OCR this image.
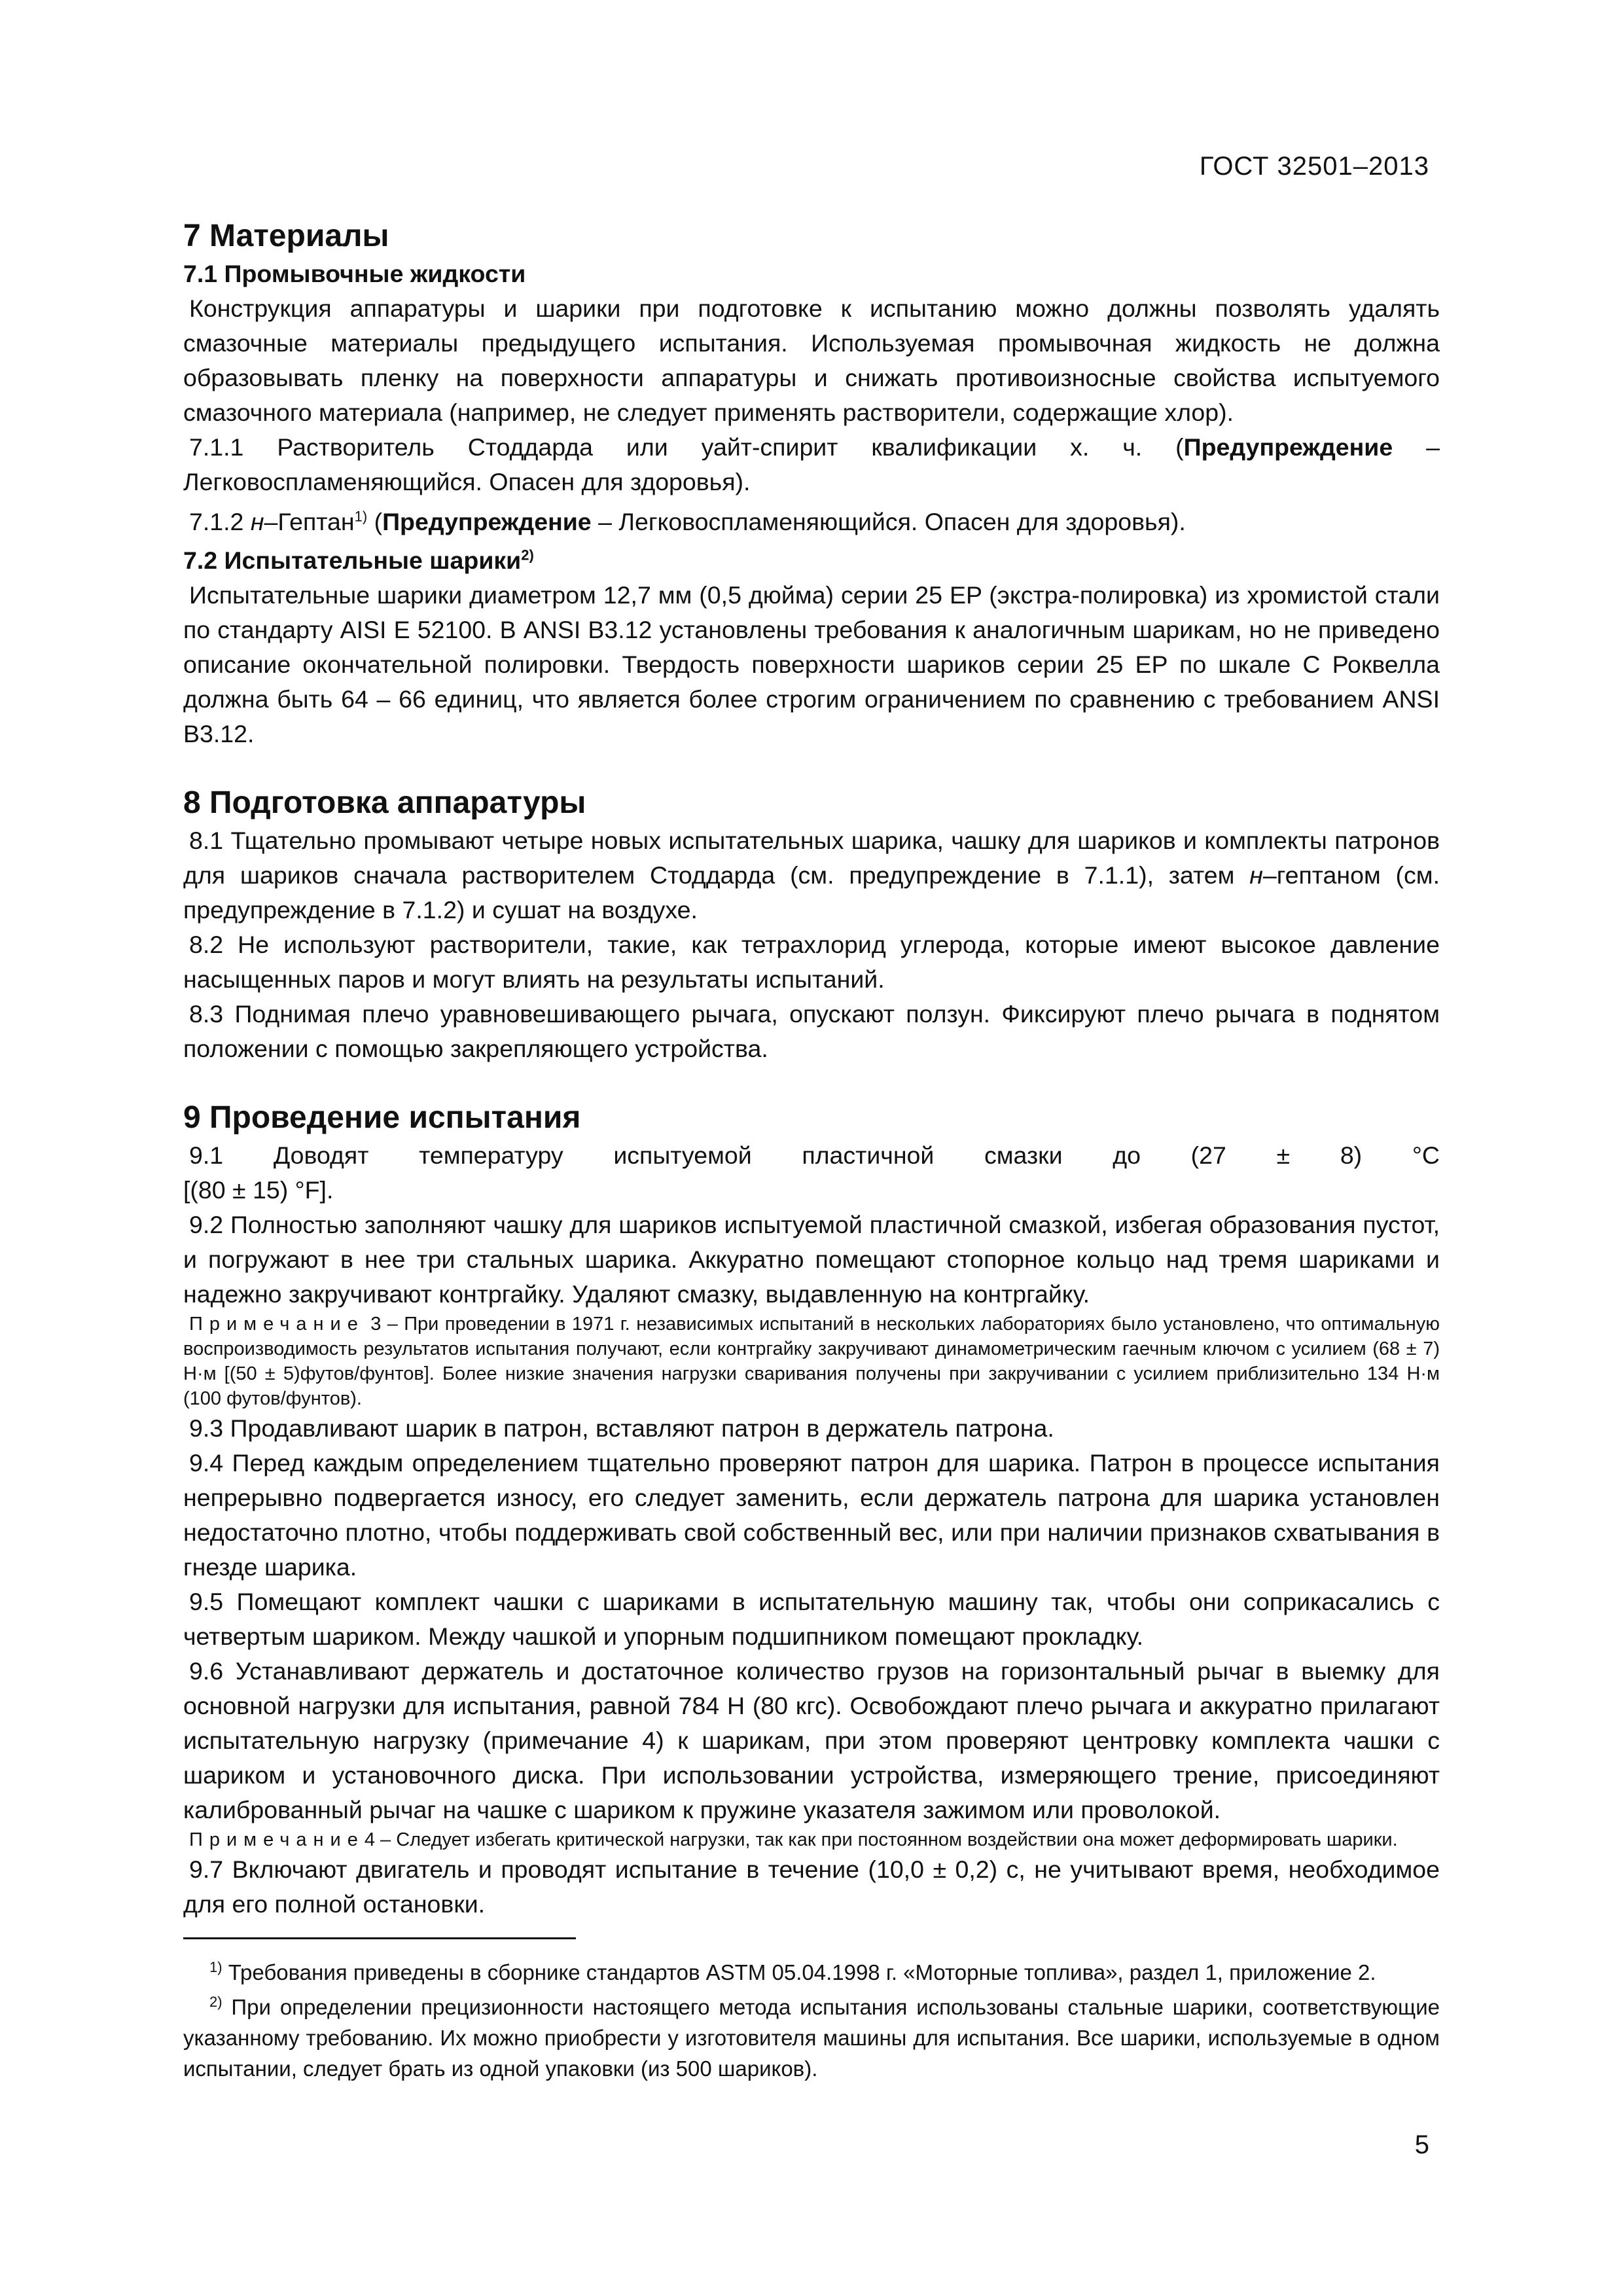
ГОСТ 32501–2013
7 Материалы
7.1 Промывочные жидкости

Конструкция аппаратуры и шарики при подготовке к испытанию можно должны позволять удалять смазочные материалы предыдущего испытания. Используемая промывочная жидкость не должна образовывать пленку на поверхности аппаратуры и снижать противоизносные свойства испытуемого смазочного материала (например, не следует применять растворители, содержащие хлор).

7.1.1 Растворитель Стоддарда или уайт-спирит квалификации х. ч. (Предупреждение – Легковоспламеняющийся. Опасен для здоровья).

7.1.2 н–Гептан$^{1)}$ (Предупреждение – Легковоспламеняющийся. Опасен для здоровья).

7.2 Испытательные шарики$^{2)}$

Испытательные шарики диаметром 12,7 мм (0,5 дюйма) серии 25 EP (экстра-полировка) из хромистой стали по стандарту AISI E 52100. В ANSI B3.12 установлены требования к аналогичным шарикам, но не приведено описание окончательной полировки. Твердость поверхности шариков серии 25 EP по шкале С Роквелла должна быть 64 – 66 единиц, что является более строгим ограничением по сравнению с требованием ANSI B3.12.

8 Подготовка аппаратуры

8.1 Тщательно промывают четыре новых испытательных шарика, чашку для шариков и комплекты патронов для шариков сначала растворителем Стоддарда (см. предупреждение в 7.1.1), затем н–гептаном (см. предупреждение в 7.1.2) и сушат на воздухе.

8.2 Не используют растворители, такие, как тетрахлорид углерода, которые имеют высокое давление насыщенных паров и могут влиять на результаты испытаний.

8.3 Поднимая плечо уравновешивающего рычага, опускают ползун. Фиксируют плечо рычага в поднятом положении с помощью закрепляющего устройства.

9 Проведение испытания
9.1 Доводят температуру испытуемой пластичной смазки до (27 ± 8) °С

[(80 ± 15) °F].

9.2 Полностью заполняют чашку для шариков испытуемой пластичной смазкой, избегая образования пустот, и погружают в нее три стальных шарика. Аккуратно помещают стопорное кольцо над тремя шариками и надежно закручивают контргайку. Удаляют смазку, выдавленную на контргайку.

Примечание 3 – При проведении в 1971 г. независимых испытаний в нескольких лабораториях было установлено, что оптимальную воспроизводимость результатов испытания получают, если контргайку закручивают динамометрическим гаечным ключом с усилием (68 ± 7) Н·м [(50 ± 5)футов/фунтов]. Более низкие значения нагрузки сваривания получены при закручивании с усилием приблизительно 134 Н·м (100 футов/фунтов).

9.3 Продавливают шарик в патрон, вставляют патрон в держатель патрона.

9.4 Перед каждым определением тщательно проверяют патрон для шарика. Патрон в процессе испытания непрерывно подвергается износу, его следует заменить, если держатель патрона для шарика установлен недостаточно плотно, чтобы поддерживать свой собственный вес, или при наличии признаков схватывания в гнезде шарика.

9.5 Помещают комплект чашки с шариками в испытательную машину так, чтобы они соприкасались с четвертым шариком. Между чашкой и упорным подшипником помещают прокладку.

9.6 Устанавливают держатель и достаточное количество грузов на горизонтальный рычаг в выемку для основной нагрузки для испытания, равной 784 Н (80 кгс). Освобождают плечо рычага и аккуратно прилагают испытательную нагрузку (примечание 4) к шарикам, при этом проверяют центровку комплекта чашки с шариком и установочного диска. При использовании устройства, измеряющего трение, присоединяют калиброванный рычаг на чашке с шариком к пружине указателя зажимом или проволокой.

Примечание4 – Следует избегать критической нагрузки, так как при постоянном воздействии она может деформировать шарики.

9.7 Включают двигатель и проводят испытание в течение (10,0 ± 0,2) с, не учитывают время, необходимое для его полной остановки.

$^{1)}$ Требования приведены в сборнике стандартов ASTM 05.04.1998 г. «Моторные топлива», раздел 1, приложение 2.

$^{2)}$ При определении прецизионности настоящего метода испытания использованы стальные шарики, соответствующие указанному требованию. Их можно приобрести у изготовителя машины для испытания. Все шарики, используемые в одном испытании, следует брать из одной упаковки (из 500 шариков).

5
